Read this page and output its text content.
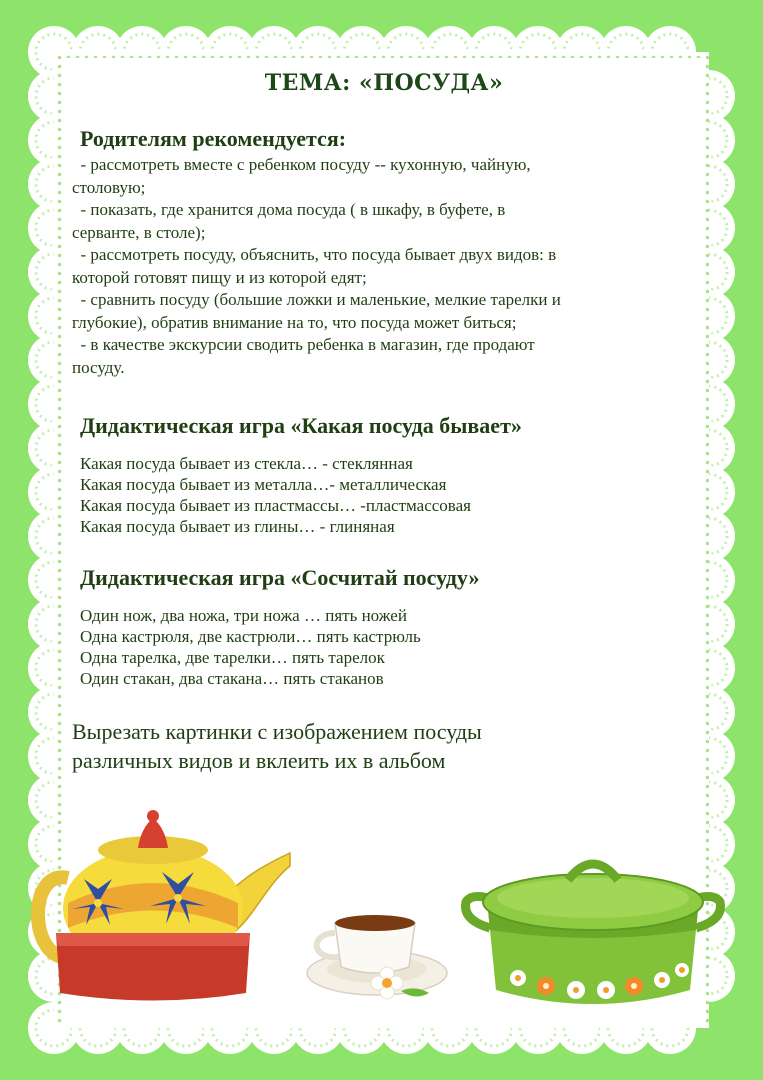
ТЕМА: «ПОСУДА»
Родителям рекомендуется:

- рассмотреть вместе с ребенком посуду -- кухонную, чайную,

столовую;

- показать, где хранится дома посуда ( в шкафу, в буфете, в

серванте, в столе);

- рассмотреть посуду, объяснить, что посуда бывает двух видов: в

которой готовят пищу и из которой едят;

- сравнить посуду (большие ложки и маленькие, мелкие тарелки и

глубокие), обратив внимание на то, что посуда может биться;

- в качестве экскурсии сводить ребенка в магазин, где продают

посуду.

Дидактическая игра «Какая посуда бывает»

Какая посуда бывает из стекла… - стеклянная

Какая посуда бывает из металла…- металлическая

Какая посуда бывает из пластмассы… -пластмассовая

Какая посуда бывает из глины… - глиняная

Дидактическая игра «Сосчитай посуду»

Один нож, два ножа, три ножа … пять ножей

Одна кастрюля, две кастрюли… пять кастрюль

Одна тарелка, две тарелки… пять тарелок

Один стакан, два стакана… пять стаканов

Вырезать картинки с изображением посуды

различных видов и вклеить их в альбом
